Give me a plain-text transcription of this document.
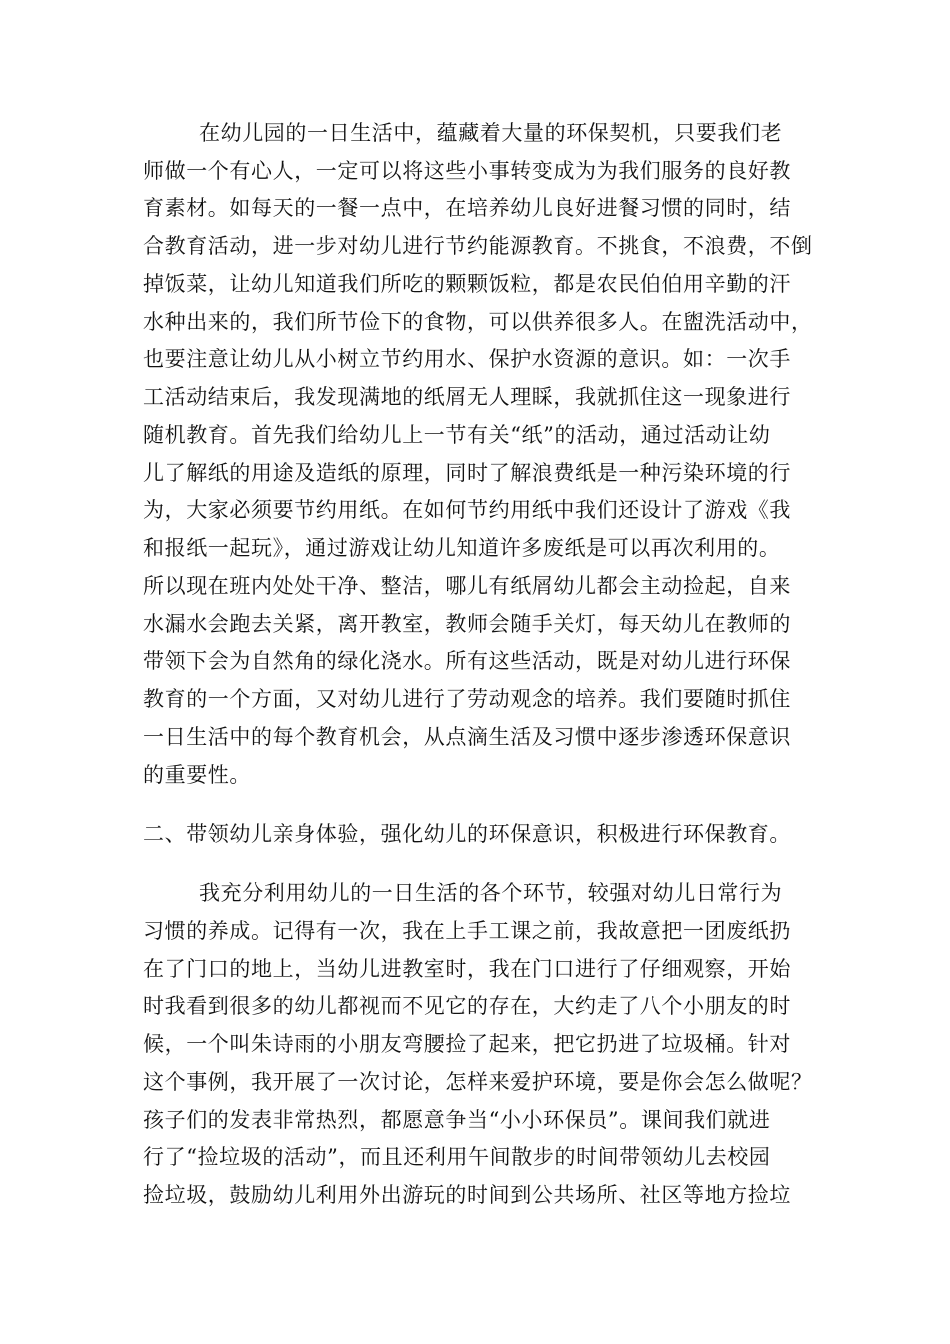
在幼儿园的一日生活中，蕴藏着大量的环保契机，只要我们老
师做一个有心人，一定可以将这些小事转变成为为我们服务的良好教
育素材。如每天的一餐一点中，在培养幼儿良好进餐习惯的同时，结
合教育活动，进一步对幼儿进行节约能源教育。不挑食，不浪费，不倒
掉饭菜，让幼儿知道我们所吃的颗颗饭粒，都是农民伯伯用辛勤的汗
水种出来的，我们所节俭下的食物，可以供养很多人。在盥洗活动中，
也要注意让幼儿从小树立节约用水、保护水资源的意识。如：一次手
工活动结束后，我发现满地的纸屑无人理睬，我就抓住这一现象进行
随机教育。首先我们给幼儿上一节有关“纸”的活动，通过活动让幼
儿了解纸的用途及造纸的原理，同时了解浪费纸是一种污染环境的行
为，大家必须要节约用纸。在如何节约用纸中我们还设计了游戏《我
和报纸一起玩》，通过游戏让幼儿知道许多废纸是可以再次利用的。
所以现在班内处处干净、整洁，哪儿有纸屑幼儿都会主动捡起，自来
水漏水会跑去关紧，离开教室，教师会随手关灯，每天幼儿在教师的
带领下会为自然角的绿化浇水。所有这些活动，既是对幼儿进行环保
教育的一个方面，又对幼儿进行了劳动观念的培养。我们要随时抓住
一日生活中的每个教育机会，从点滴生活及习惯中逐步渗透环保意识
的重要性。
二、带领幼儿亲身体验，强化幼儿的环保意识，积极进行环保教育。
我充分利用幼儿的一日生活的各个环节，较强对幼儿日常行为
习惯的养成。记得有一次，我在上手工课之前，我故意把一团废纸扔
在了门口的地上，当幼儿进教室时，我在门口进行了仔细观察，开始
时我看到很多的幼儿都视而不见它的存在，大约走了八个小朋友的时
候，一个叫朱诗雨的小朋友弯腰捡了起来，把它扔进了垃圾桶。针对
这个事例，我开展了一次讨论，怎样来爱护环境，要是你会怎么做呢？
孩子们的发表非常热烈，都愿意争当“小小环保员”。课间我们就进
行了“捡垃圾的活动”，而且还利用午间散步的时间带领幼儿去校园
捡垃圾，鼓励幼儿利用外出游玩的时间到公共场所、社区等地方捡垃
